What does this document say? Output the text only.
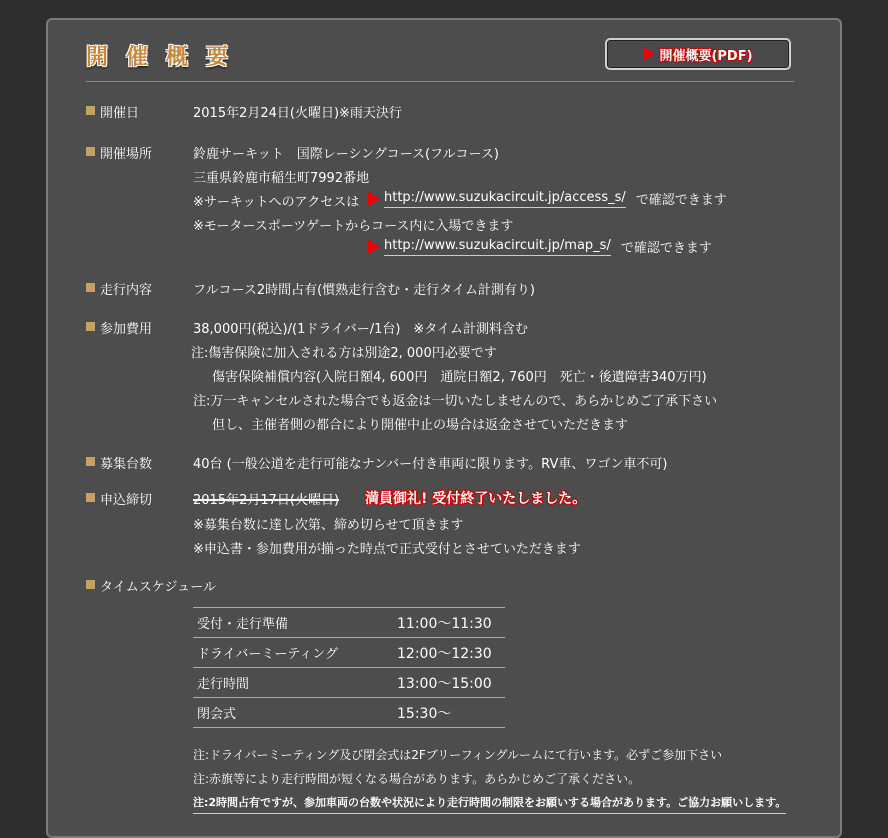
開催概要	開催概要(PDF)
開催日	2015年2月24日(火曜日)※雨天決行
開催場所	鈴鹿サーキット　国際レーシングコース(フルコース)
三重県鈴鹿市稲生町7992番地
※サーキットへのアクセスは http://www.suzukacircuit.jp/access_s/ で確認できます
※モータースポーツゲートからコース内に入場できます
http://www.suzukacircuit.jp/map_s/ で確認できます
走行内容	フルコース2時間占有(慣熟走行含む・走行タイム計測有り)
参加費用	38,000円(税込)/(1ドライバー/1台)　※タイム計測料含む
注:傷害保険に加入される方は別途2, 000円必要です
傷害保険補償内容(入院日額4, 600円　通院日額2, 760円　死亡・後遺障害340万円)
注:万一キャンセルされた場合でも返金は一切いたしませんので、あらかじめご了承下さい
但し、主催者側の都合により開催中止の場合は返金させていただきます
募集台数	40台 (一般公道を走行可能なナンバー付き車両に限ります。RV車、ワゴン車不可)
申込締切	2015年2月17日(火曜日) 満員御礼! 受付終了いたしました。
※募集台数に達し次第、締め切らせて頂きます
※申込書・参加費用が揃った時点で正式受付とさせていただきます
タイムスケジュール
受付・走行準備	11:00〜11:30
ドライバーミーティング	12:00〜12:30
走行時間	13:00〜15:00
閉会式	15:30〜
注:ドライバーミーティング及び閉会式は2Fブリーフィングルームにて行います。必ずご参加下さい
注:赤旗等により走行時間が短くなる場合があります。あらかじめご了承ください。
注:2時間占有ですが、参加車両の台数や状況により走行時間の制限をお願いする場合があります。ご協力お願いします。
